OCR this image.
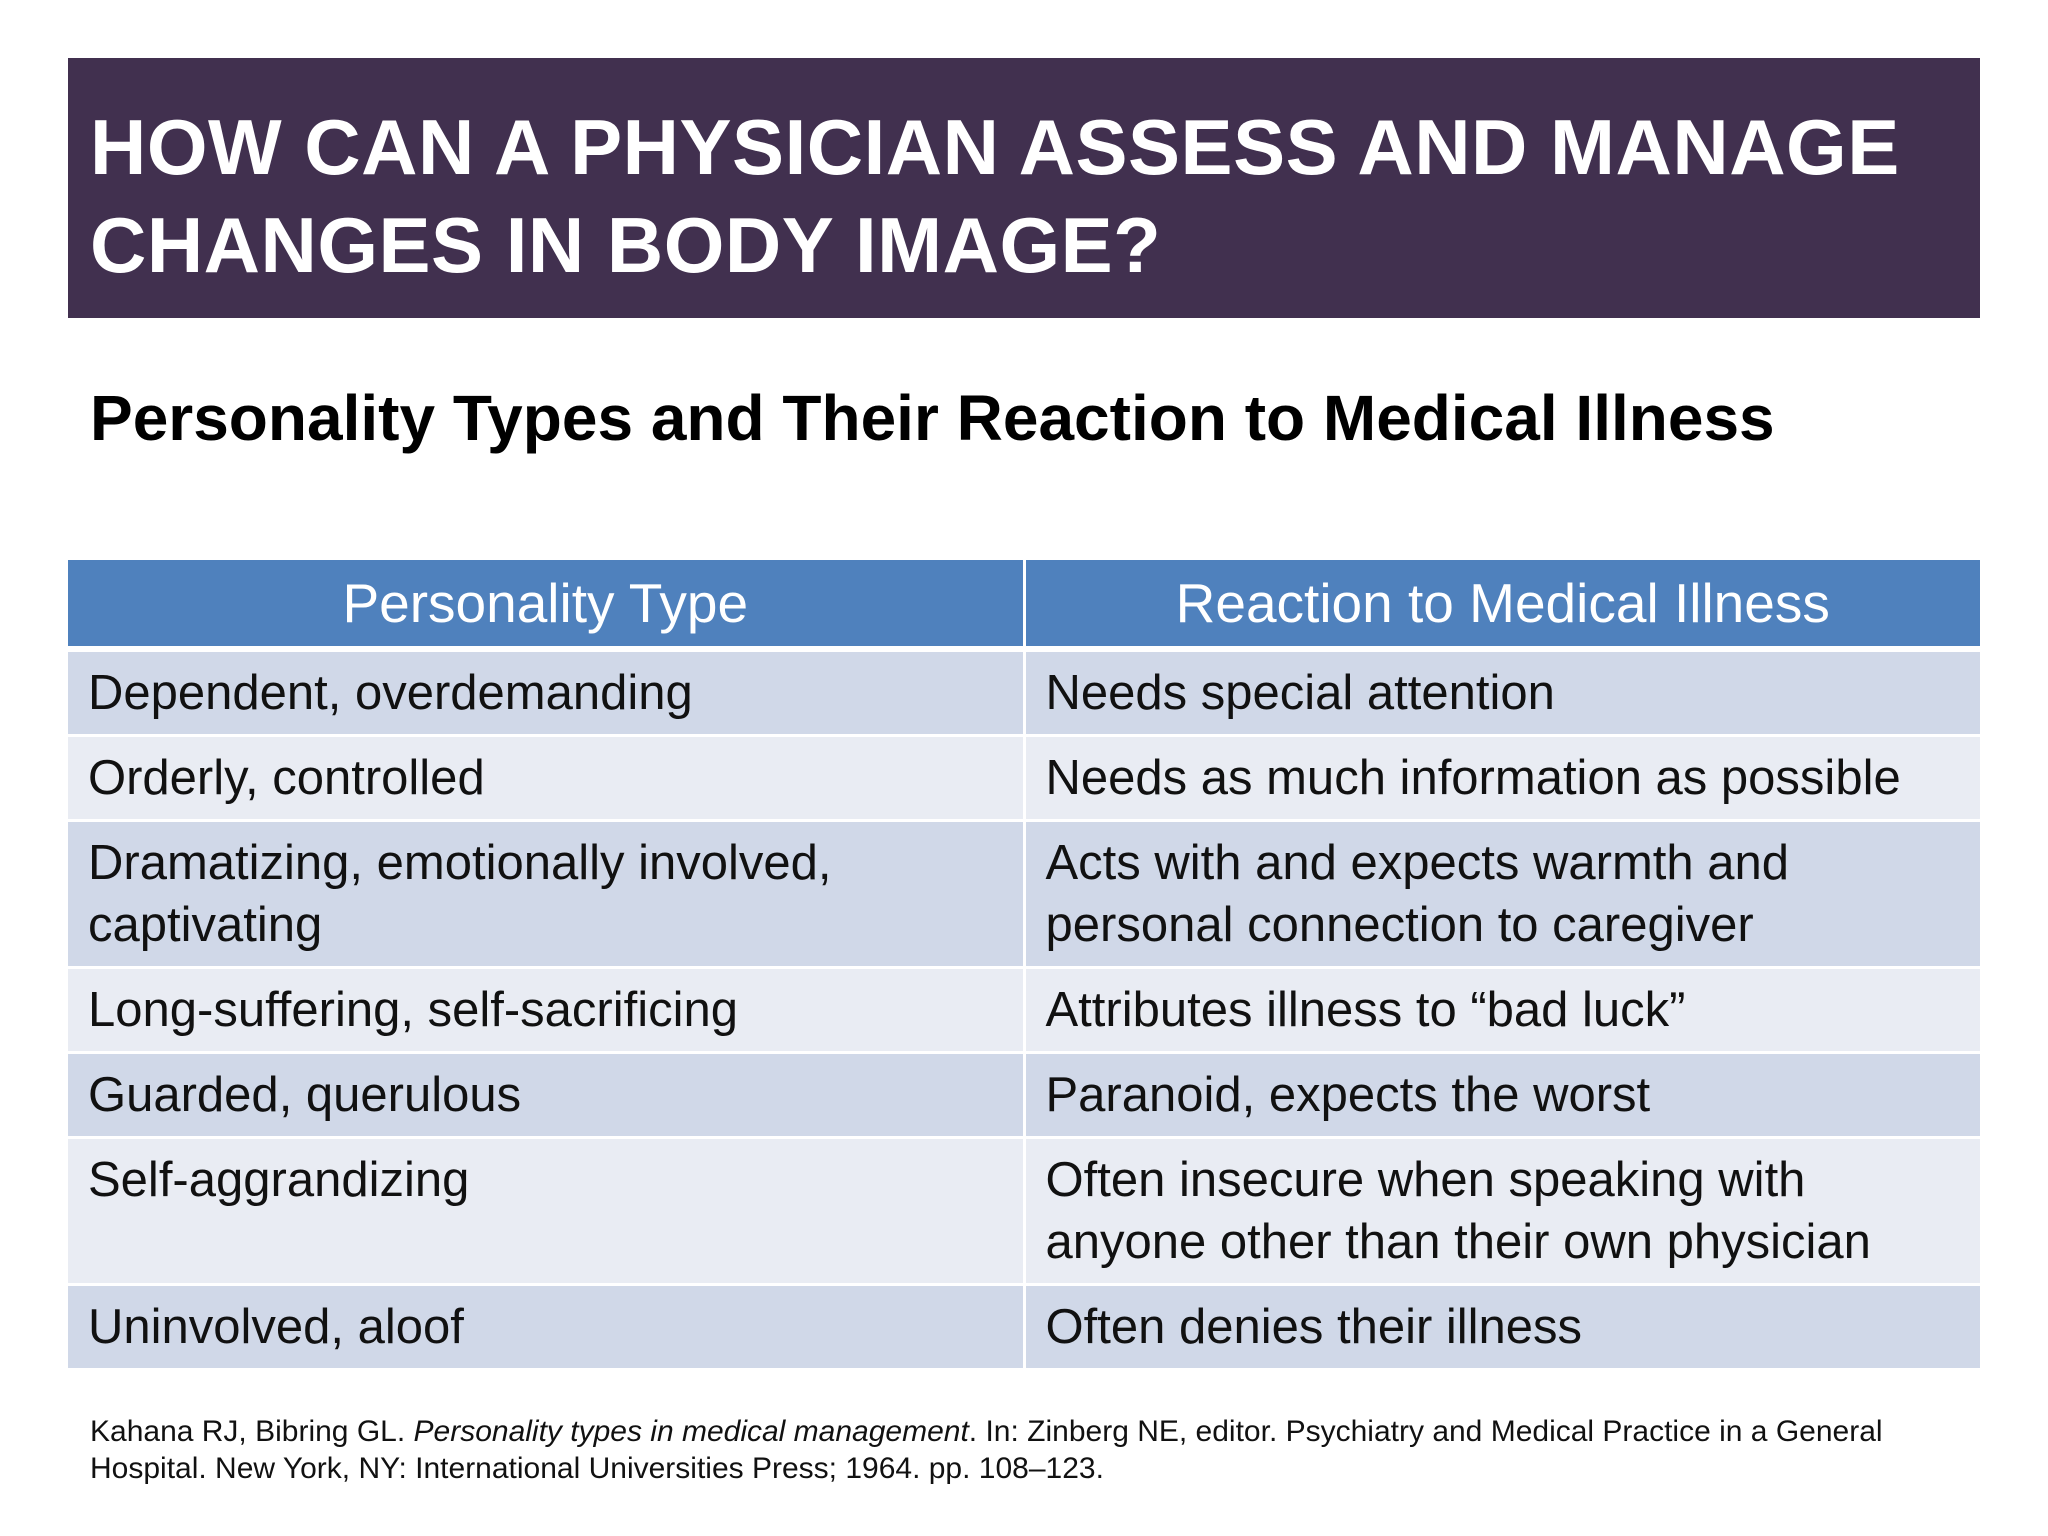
HOW CAN A PHYSICIAN ASSESS AND MANAGE CHANGES IN BODY IMAGE?
Personality Types and Their Reaction to Medical Illness
Personality Type	Reaction to Medical Illness
Dependent, overdemanding	Needs special attention
Orderly, controlled	Needs as much information as possible
Dramatizing, emotionally involved, captivating	Acts with and expects warmth and personal connection to caregiver
Long-suffering, self-sacrificing	Attributes illness to “bad luck”
Guarded, querulous	Paranoid, expects the worst
Self-aggrandizing	Often insecure when speaking with anyone other than their own physician
Uninvolved, aloof	Often denies their illness

Kahana RJ, Bibring GL. Personality types in medical management. In: Zinberg NE, editor. Psychiatry and Medical Practice in a General Hospital. New York, NY: International Universities Press; 1964. pp. 108–123.
